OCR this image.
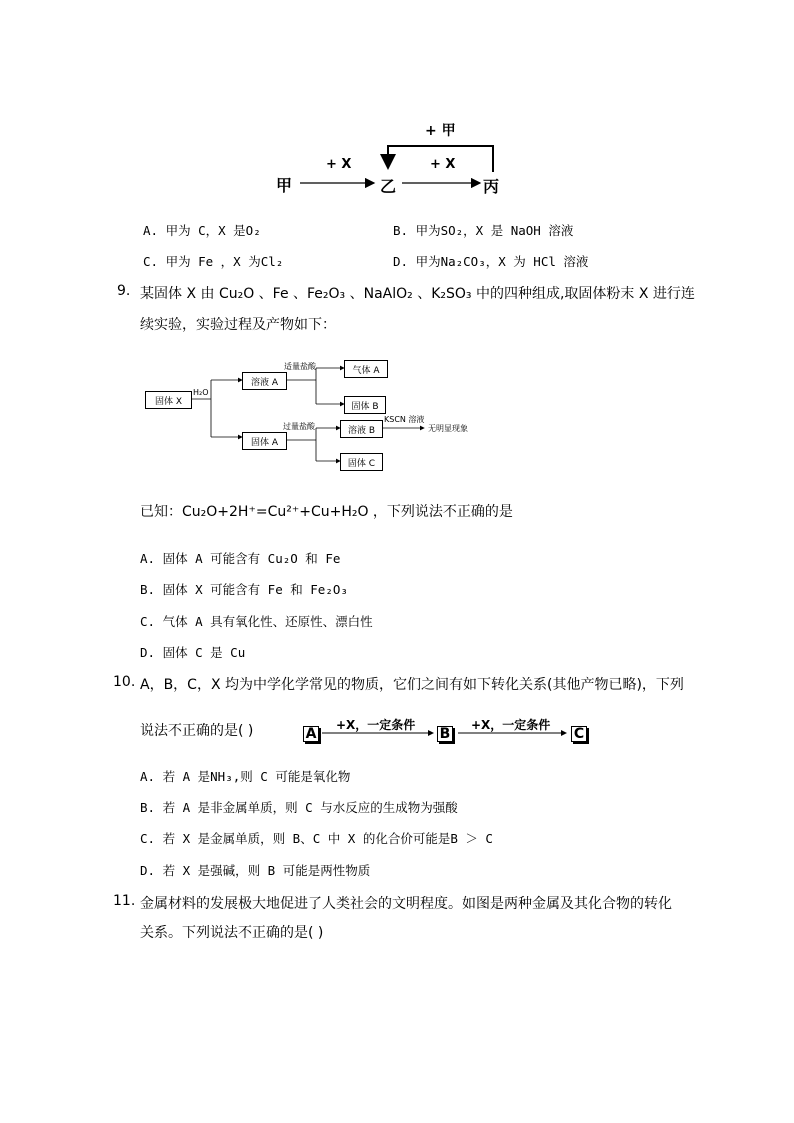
甲
+ X
乙
+ X
丙
+ 甲
A. 甲为 C，X 是O₂	B. 甲为SO₂，X 是 NaOH 溶液
C. 甲为 Fe ，X 为Cl₂	D. 甲为Na₂CO₃，X 为 HCl 溶液
9. 某固体 X 由 Cu₂O 、Fe 、Fe₂O₃ 、NaAlO₂ 、K₂SO₃ 中的四种组成,取固体粉末 X 进行连
续实验，实验过程及产物如下：
固体 X
H₂O
溶液 A
适量盐酸	气体 A
固体 B
固体 A
过量盐酸	溶液 B
KSCN 溶液
无明显现象
固体 C
已知：Cu₂O+2H⁺=Cu²⁺+Cu+H₂O ，下列说法不正确的是
A. 固体 A 可能含有 Cu₂O 和 Fe
B. 固体 X 可能含有 Fe 和 Fe₂O₃
C. 气体 A 具有氧化性、还原性、漂白性
D. 固体 C 是 Cu
10. A，B，C，X 均为中学化学常见的物质，它们之间有如下转化关系(其他产物已略)，下列
说法不正确的是( )	A
+X，一定条件
B
+X，一定条件
C
A. 若 A 是NH₃,则 C 可能是氧化物
B. 若 A 是非金属单质，则 C 与水反应的生成物为强酸
C. 若 X 是金属单质，则 B、C 中 X 的化合价可能是B ＞ C
D. 若 X 是强碱，则 B 可能是两性物质
11. 金属材料的发展极大地促进了人类社会的文明程度。如图是两种金属及其化合物的转化
关系。下列说法不正确的是( )
